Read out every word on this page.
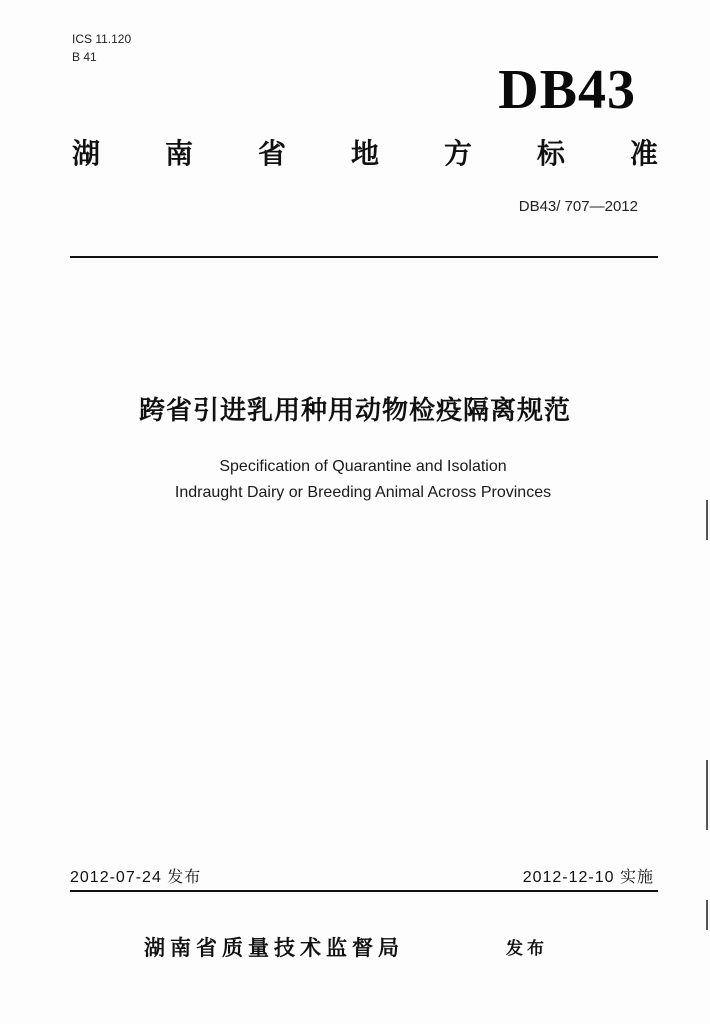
ICS 11.120
B 41
DB43
湖 南 省 地 方 标 准
DB43/ 707—2012
跨省引进乳用种用动物检疫隔离规范
Specification of Quarantine and Isolation
Indraught Dairy or Breeding Animal Across Provinces
2012-07-24 发布	2012-12-10 实施
湖南省质量技术监督局	发布
